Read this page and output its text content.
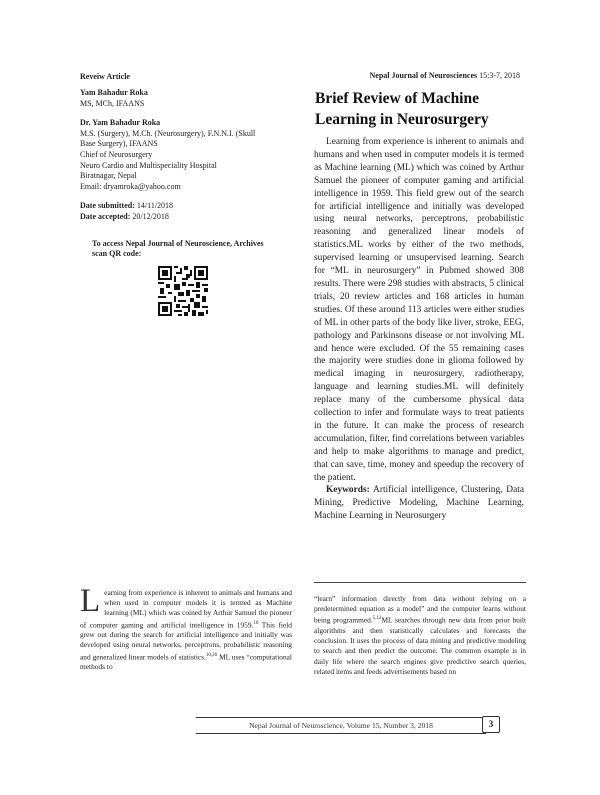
Reveiw Article	Nepal Journal of Neurosciences 15:3-7, 2018
Yam Bahadur Roka
MS, MCh, IFAANS
Dr. Yam Bahadur Roka
M.S. (Surgery), M.Ch. (Neurosurgery), F.N.N.I. (Skull
Base Surgery), IFAANS
Chief of Neurosurgery
Neuro Cardio and Multispeciality Hospital
Biratnagar, Nepal
Email: dryamroka@yahoo.com
Date submitted: 14/11/2018
Date accepted: 20/12/2018
To access Nepal Journal of Neuroscience, Archives
scan QR code:
Brief Review of Machine
Learning in Neurosurgery

Learning from experience is inherent to animals and humans and when used in computer models it is termed as Machine learning (ML) which was coined by Arthur Samuel the pioneer of computer gaming and artificial intelligence in 1959. This field grew out of the search for artificial intelligence and initially was developed using neural networks, perceptrons, probabilistic reasoning and generalized linear models of statistics.ML works by either of the two methods, supervised learning or unsupervised learning. Search for “ML in neurosurgery” in Pubmed showed 308 results. There were 298 studies with abstracts, 5 clinical trials, 20 review articles and 168 articles in human studies. Of these around 113 articles were either studies of ML in other parts of the body like liver, stroke, EEG, pathology and Parkinsons disease or not involving ML and hence were excluded. Of the 55 remaining cases the majority were studies done in glioma followed by medical imaging in neurosurgery, radiotherapy, language and learning studies.ML will definitely replace many of the cumbersome physical data collection to infer and formulate ways to treat patients in the future. It can make the process of research accumulation, filter, find correlations between variables and help to make algorithms to manage and predict, that can save, time, money and speedup the recovery of the patient.

Keywords: Artificial intelligence, Clustering, Data Mining, Predictive Modeling, Machine Learning, Machine Learning in Neurosurgery

Learning from experience is inherent to animals and humans and when used in computer models it is termed as Machine learning (ML) which was coined by Arthur Samuel the pioneer of computer gaming and artificial intelligence in 1959.10 This field grew out during the search for artificial intelligence and initially was developed using neural networks, perceptrons, probabilistic reasoning and generalized linear models of statistics.$^{10,26}$ ML uses “computational methods to
“learn” information directly from data without relying on a predetermined equation as a model” and the computer learns without being programmed.$^{5,12}$ML searches through new data from prior built algorithms and then statistically calculates and forecasts the conclusion. It uses the process of data mining and predictive modeling to search and then predict the outcome. The common example is in daily life where the search engines give predictive search queries, related items and feeds advertisements based on
Nepal Journal of Neuroscience, Volume 15, Number 3, 2018	3
